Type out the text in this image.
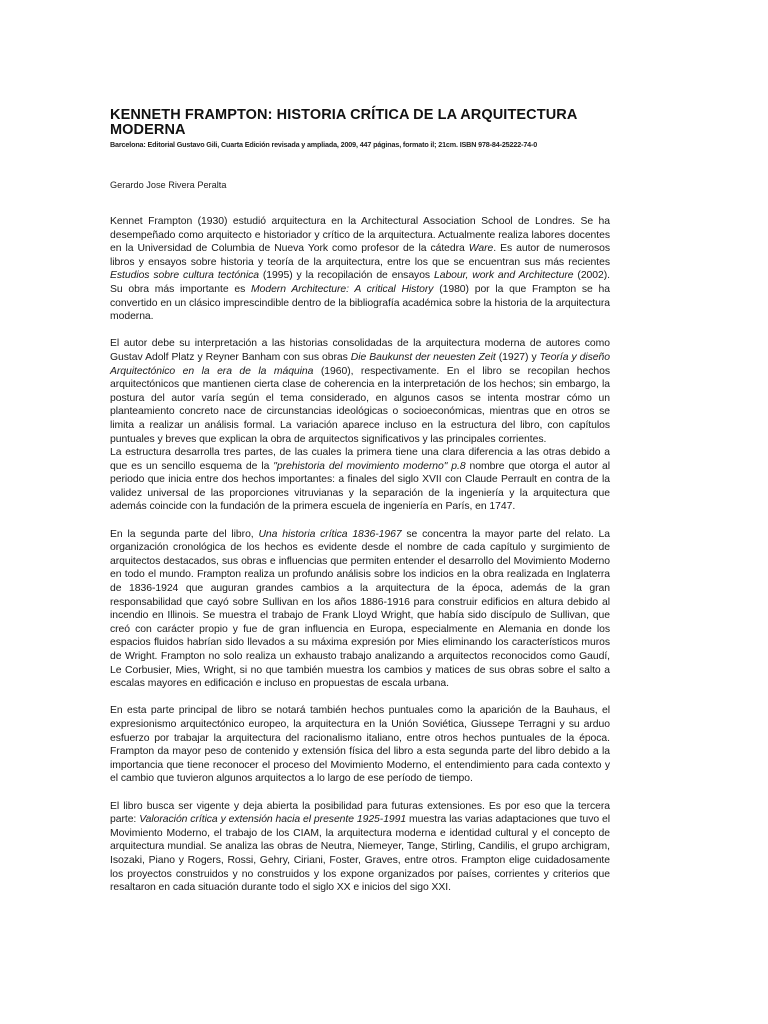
KENNETH FRAMPTON: HISTORIA CRÍTICA DE LA ARQUITECTURA MODERNA
Barcelona: Editorial Gustavo Gili, Cuarta Edición revisada y ampliada, 2009, 447 páginas, formato il; 21cm. ISBN 978-84-25222-74-0
Gerardo Jose Rivera Peralta

Kennet Frampton (1930) estudió arquitectura en la Architectural Association School de Londres. Se ha desempeñado como arquitecto e historiador y crítico de la arquitectura. Actualmente realiza labores docentes en la Universidad de Columbia de Nueva York como profesor de la cátedra Ware. Es autor de numerosos libros y ensayos sobre historia y teoría de la arquitectura, entre los que se encuentran sus más recientes Estudios sobre cultura tectónica (1995) y la recopilación de ensayos Labour, work and Architecture (2002). Su obra más importante es Modern Architecture: A critical History (1980) por la que Frampton se ha convertido en un clásico imprescindible dentro de la bibliografía académica sobre la historia de la arquitectura moderna.

El autor debe su interpretación a las historias consolidadas de la arquitectura moderna de autores como Gustav Adolf Platz y Reyner Banham con sus obras Die Baukunst der neuesten Zeit (1927) y Teoría y diseño Arquitectónico en la era de la máquina (1960), respectivamente. En el libro se recopilan hechos arquitectónicos que mantienen cierta clase de coherencia en la interpretación de los hechos; sin embargo, la postura del autor varía según el tema considerado, en algunos casos se intenta mostrar cómo un planteamiento concreto nace de circunstancias ideológicas o socioeconómicas, mientras que en otros se limita a realizar un análisis formal. La variación aparece incluso en la estructura del libro, con capítulos puntuales y breves que explican la obra de arquitectos significativos y las principales corrientes.

La estructura desarrolla tres partes, de las cuales la primera tiene una clara diferencia a las otras debido a que es un sencillo esquema de la "prehistoria del movimiento moderno" p.8 nombre que otorga el autor al periodo que inicia entre dos hechos importantes: a finales del siglo XVII con Claude Perrault en contra de la validez universal de las proporciones vitruvianas y la separación de la ingeniería y la arquitectura que además coincide con la fundación de la primera escuela de ingeniería en París, en 1747.

En la segunda parte del libro, Una historia crítica 1836-1967 se concentra la mayor parte del relato. La organización cronológica de los hechos es evidente desde el nombre de cada capítulo y surgimiento de arquitectos destacados, sus obras e influencias que permiten entender el desarrollo del Movimiento Moderno en todo el mundo. Frampton realiza un profundo análisis sobre los indicios en la obra realizada en Inglaterra de 1836-1924 que auguran grandes cambios a la arquitectura de la época, además de la gran responsabilidad que cayó sobre Sullivan en los años 1886-1916 para construir edificios en altura debido al incendio en Illinois. Se muestra el trabajo de Frank Lloyd Wright, que había sido discípulo de Sullivan, que creó con carácter propio y fue de gran influencia en Europa, especialmente en Alemania en donde los espacios fluidos habrían sido llevados a su máxima expresión por Mies eliminando los característicos muros de Wright. Frampton no solo realiza un exhausto trabajo analizando a arquitectos reconocidos como Gaudí, Le Corbusier, Mies, Wright, si no que también muestra los cambios y matices de sus obras sobre el salto a escalas mayores en edificación e incluso en propuestas de escala urbana.

En esta parte principal de libro se notará también hechos puntuales como la aparición de la Bauhaus, el expresionismo arquitectónico europeo, la arquitectura en la Unión Soviética, Giussepe Terragni y su arduo esfuerzo por trabajar la arquitectura del racionalismo italiano, entre otros hechos puntuales de la época. Frampton da mayor peso de contenido y extensión física del libro a esta segunda parte del libro debido a la importancia que tiene reconocer el proceso del Movimiento Moderno, el entendimiento para cada contexto y el cambio que tuvieron algunos arquitectos a lo largo de ese período de tiempo.

El libro busca ser vigente y deja abierta la posibilidad para futuras extensiones. Es por eso que la tercera parte: Valoración crítica y extensión hacia el presente 1925-1991 muestra las varias adaptaciones que tuvo el Movimiento Moderno, el trabajo de los CIAM, la arquitectura moderna e identidad cultural y el concepto de arquitectura mundial. Se analiza las obras de Neutra, Niemeyer, Tange, Stirling, Candilis, el grupo archigram, Isozaki, Piano y Rogers, Rossi, Gehry, Ciriani, Foster, Graves, entre otros. Frampton elige cuidadosamente los proyectos construidos y no construidos y los expone organizados por países, corrientes y criterios que resaltaron en cada situación durante todo el siglo XX e inicios del sigo XXI.
